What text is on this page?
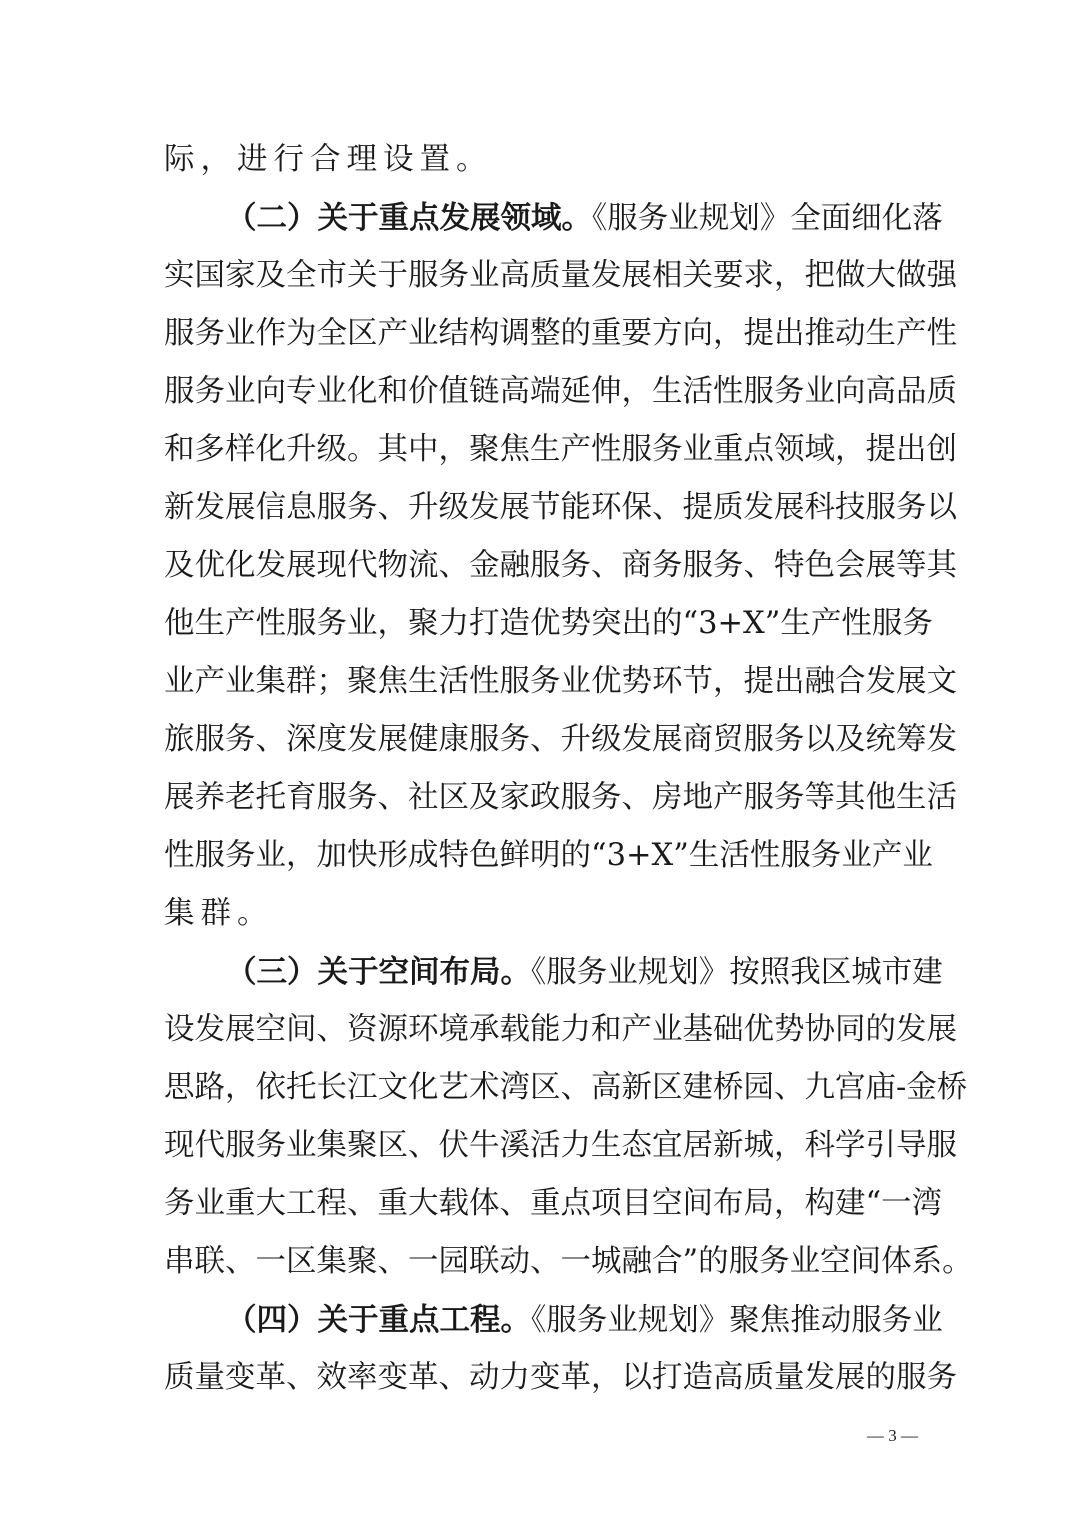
际，进行合理设置。
（二）关于重点发展领域。《服务业规划》全面细化落
实国家及全市关于服务业高质量发展相关要求，把做大做强
服务业作为全区产业结构调整的重要方向，提出推动生产性
服务业向专业化和价值链高端延伸，生活性服务业向高品质
和多样化升级。其中，聚焦生产性服务业重点领域，提出创
新发展信息服务、升级发展节能环保、提质发展科技服务以
及优化发展现代物流、金融服务、商务服务、特色会展等其
他生产性服务业，聚力打造优势突出的“3+X”生产性服务
业产业集群；聚焦生活性服务业优势环节，提出融合发展文
旅服务、深度发展健康服务、升级发展商贸服务以及统筹发
展养老托育服务、社区及家政服务、房地产服务等其他生活
性服务业，加快形成特色鲜明的“3+X”生活性服务业产业
集群。
（三）关于空间布局。《服务业规划》按照我区城市建
设发展空间、资源环境承载能力和产业基础优势协同的发展
思路，依托长江文化艺术湾区、高新区建桥园、九宫庙-金桥
现代服务业集聚区、伏牛溪活力生态宜居新城，科学引导服
务业重大工程、重大载体、重点项目空间布局，构建“一湾
串联、一区集聚、一园联动、一城融合”的服务业空间体系。
（四）关于重点工程。《服务业规划》聚焦推动服务业
质量变革、效率变革、动力变革，以打造高质量发展的服务
— 3 —
